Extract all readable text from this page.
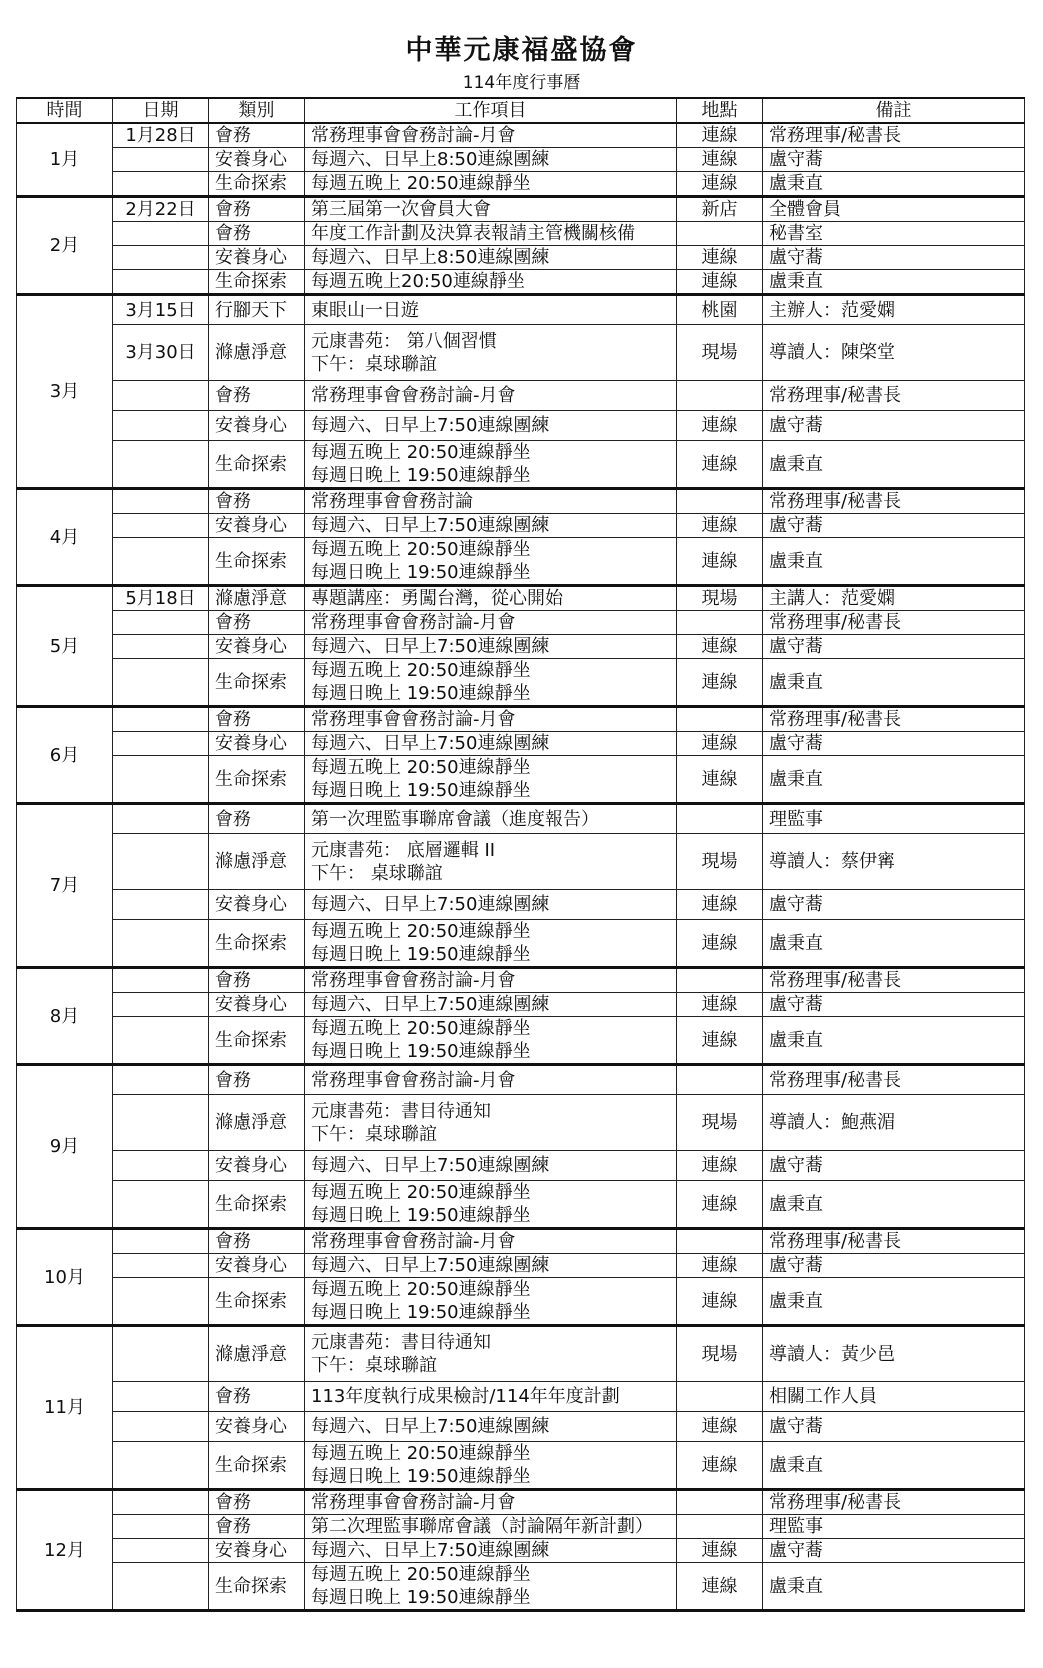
中華元康福盛協會
114年度行事曆
時間	日期	類別	工作項目	地點	備註
1月	1月28日	會務	常務理事會會務討論-月會	連線	常務理事/秘書長
		安養身心	每週六、日早上8:50連線團練	連線	盧守蕎
		生命探索	每週五晚上 20:50連線靜坐	連線	盧秉直
2月	2月22日	會務	第三屆第一次會員大會	新店	全體會員
		會務	年度工作計劃及決算表報請主管機關核備		秘書室
		安養身心	每週六、日早上8:50連線團練	連線	盧守蕎
		生命探索	每週五晚上20:50連線靜坐	連線	盧秉直
3月	3月15日	行腳天下	東眼山一日遊	桃園	主辦人：范愛嫻
	3月30日	滌慮淨意	元康書苑： 第八個習慣
下午：桌球聯誼	現場	導讀人：陳棨堂
		會務	常務理事會會務討論-月會		常務理事/秘書長
		安養身心	每週六、日早上7:50連線團練	連線	盧守蕎
		生命探索	每週五晚上 20:50連線靜坐
每週日晚上 19:50連線靜坐	連線	盧秉直
4月		會務	常務理事會會務討論		常務理事/秘書長
		安養身心	每週六、日早上7:50連線團練	連線	盧守蕎
		生命探索	每週五晚上 20:50連線靜坐
每週日晚上 19:50連線靜坐	連線	盧秉直
5月	5月18日	滌慮淨意	專題講座：勇闖台灣，從心開始	現場	主講人：范愛嫻
		會務	常務理事會會務討論-月會		常務理事/秘書長
		安養身心	每週六、日早上7:50連線團練	連線	盧守蕎
		生命探索	每週五晚上 20:50連線靜坐
每週日晚上 19:50連線靜坐	連線	盧秉直
6月		會務	常務理事會會務討論-月會		常務理事/秘書長
		安養身心	每週六、日早上7:50連線團練	連線	盧守蕎
		生命探索	每週五晚上 20:50連線靜坐
每週日晚上 19:50連線靜坐	連線	盧秉直
7月		會務	第一次理監事聯席會議（進度報告）		理監事
		滌慮淨意	元康書苑： 底層邏輯 II
下午： 桌球聯誼	現場	導讀人：蔡伊寗
		安養身心	每週六、日早上7:50連線團練	連線	盧守蕎
		生命探索	每週五晚上 20:50連線靜坐
每週日晚上 19:50連線靜坐	連線	盧秉直
8月		會務	常務理事會會務討論-月會		常務理事/秘書長
		安養身心	每週六、日早上7:50連線團練	連線	盧守蕎
		生命探索	每週五晚上 20:50連線靜坐
每週日晚上 19:50連線靜坐	連線	盧秉直
9月		會務	常務理事會會務討論-月會		常務理事/秘書長
		滌慮淨意	元康書苑：書目待通知
下午：桌球聯誼	現場	導讀人：鮑燕湄
		安養身心	每週六、日早上7:50連線團練	連線	盧守蕎
		生命探索	每週五晚上 20:50連線靜坐
每週日晚上 19:50連線靜坐	連線	盧秉直
10月		會務	常務理事會會務討論-月會		常務理事/秘書長
		安養身心	每週六、日早上7:50連線團練	連線	盧守蕎
		生命探索	每週五晚上 20:50連線靜坐
每週日晚上 19:50連線靜坐	連線	盧秉直
11月		滌慮淨意	元康書苑：書目待通知
下午：桌球聯誼	現場	導讀人：黃少邑
		會務	113年度執行成果檢討/114年年度計劃		相關工作人員
		安養身心	每週六、日早上7:50連線團練	連線	盧守蕎
		生命探索	每週五晚上 20:50連線靜坐
每週日晚上 19:50連線靜坐	連線	盧秉直
12月		會務	常務理事會會務討論-月會		常務理事/秘書長
		會務	第二次理監事聯席會議（討論隔年新計劃）		理監事
		安養身心	每週六、日早上7:50連線團練	連線	盧守蕎
		生命探索	每週五晚上 20:50連線靜坐
每週日晚上 19:50連線靜坐	連線	盧秉直
